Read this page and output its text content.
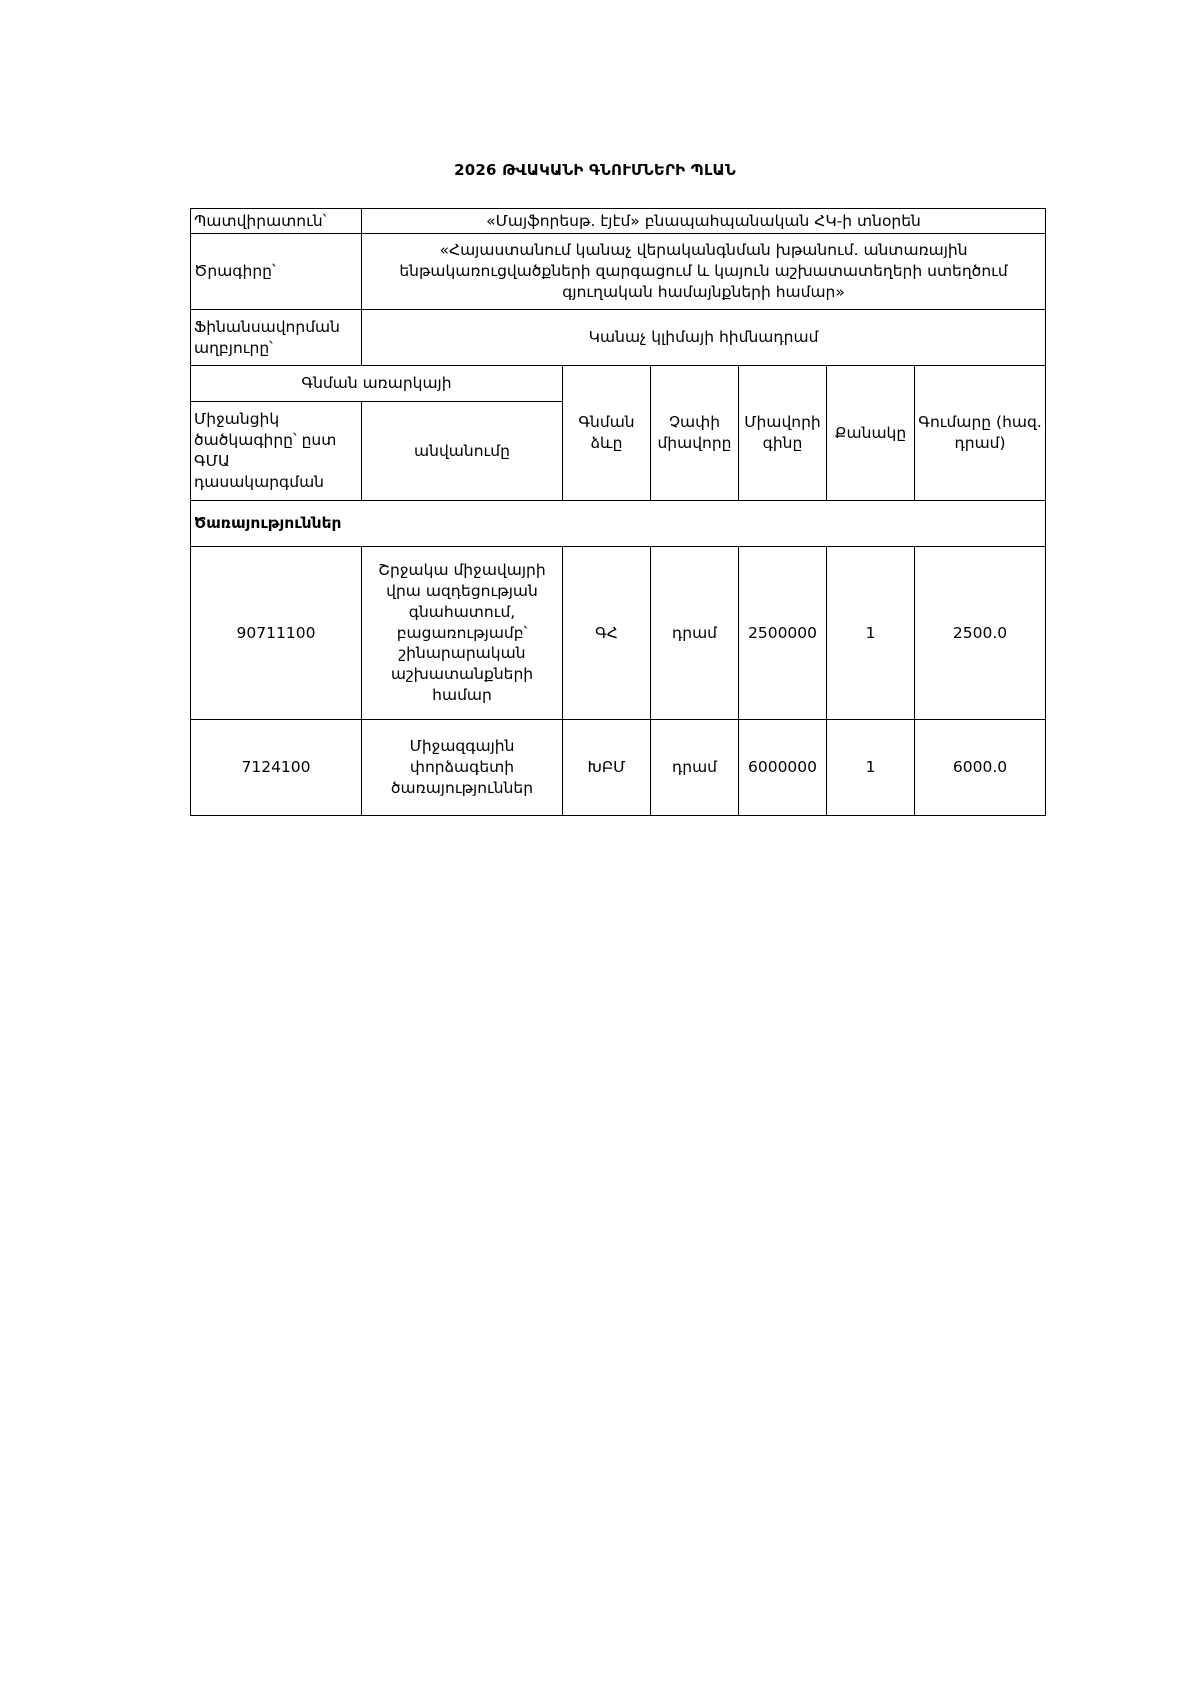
2026 ԹՎԱԿԱՆԻ ԳՆՈՒՄՆԵՐԻ ՊԼԱՆ
Պատվիրատուն՝	«Մայֆորեսթ. էյէմ» բնապահպանական ՀԿ-ի տնօրեն					
Ծրագիրը՝	«Հայաստանում կանաչ վերականգնման խթանում. անտառային ենթակառուցվածքների զարգացում և կայուն աշխատատեղերի ստեղծում գյուղական համայնքների համար»					
Ֆինանսավորման աղբյուրը՝	Կանաչ կլիմայի հիմնադրամ					
Գնման առարկայի		Գնման ձևը	Չափի միավորը	Միավորի գինը	Քանակը	Գումարը (հազ. դրամ)
Միջանցիկ ծածկագիրը՝ ըստ ԳՄԱ դասակարգման	անվանումը					
Ծառայություններ						
90711100	Շրջակա միջավայրի վրա ազդեցության գնահատում, բացառությամբ՝ շինարարական աշխատանքների համար	ԳՀ	դրամ	2500000	1	2500.0
7124100	Միջազգային փորձագետի ծառայություններ	ԽԲՄ	դրամ	6000000	1	6000.0
